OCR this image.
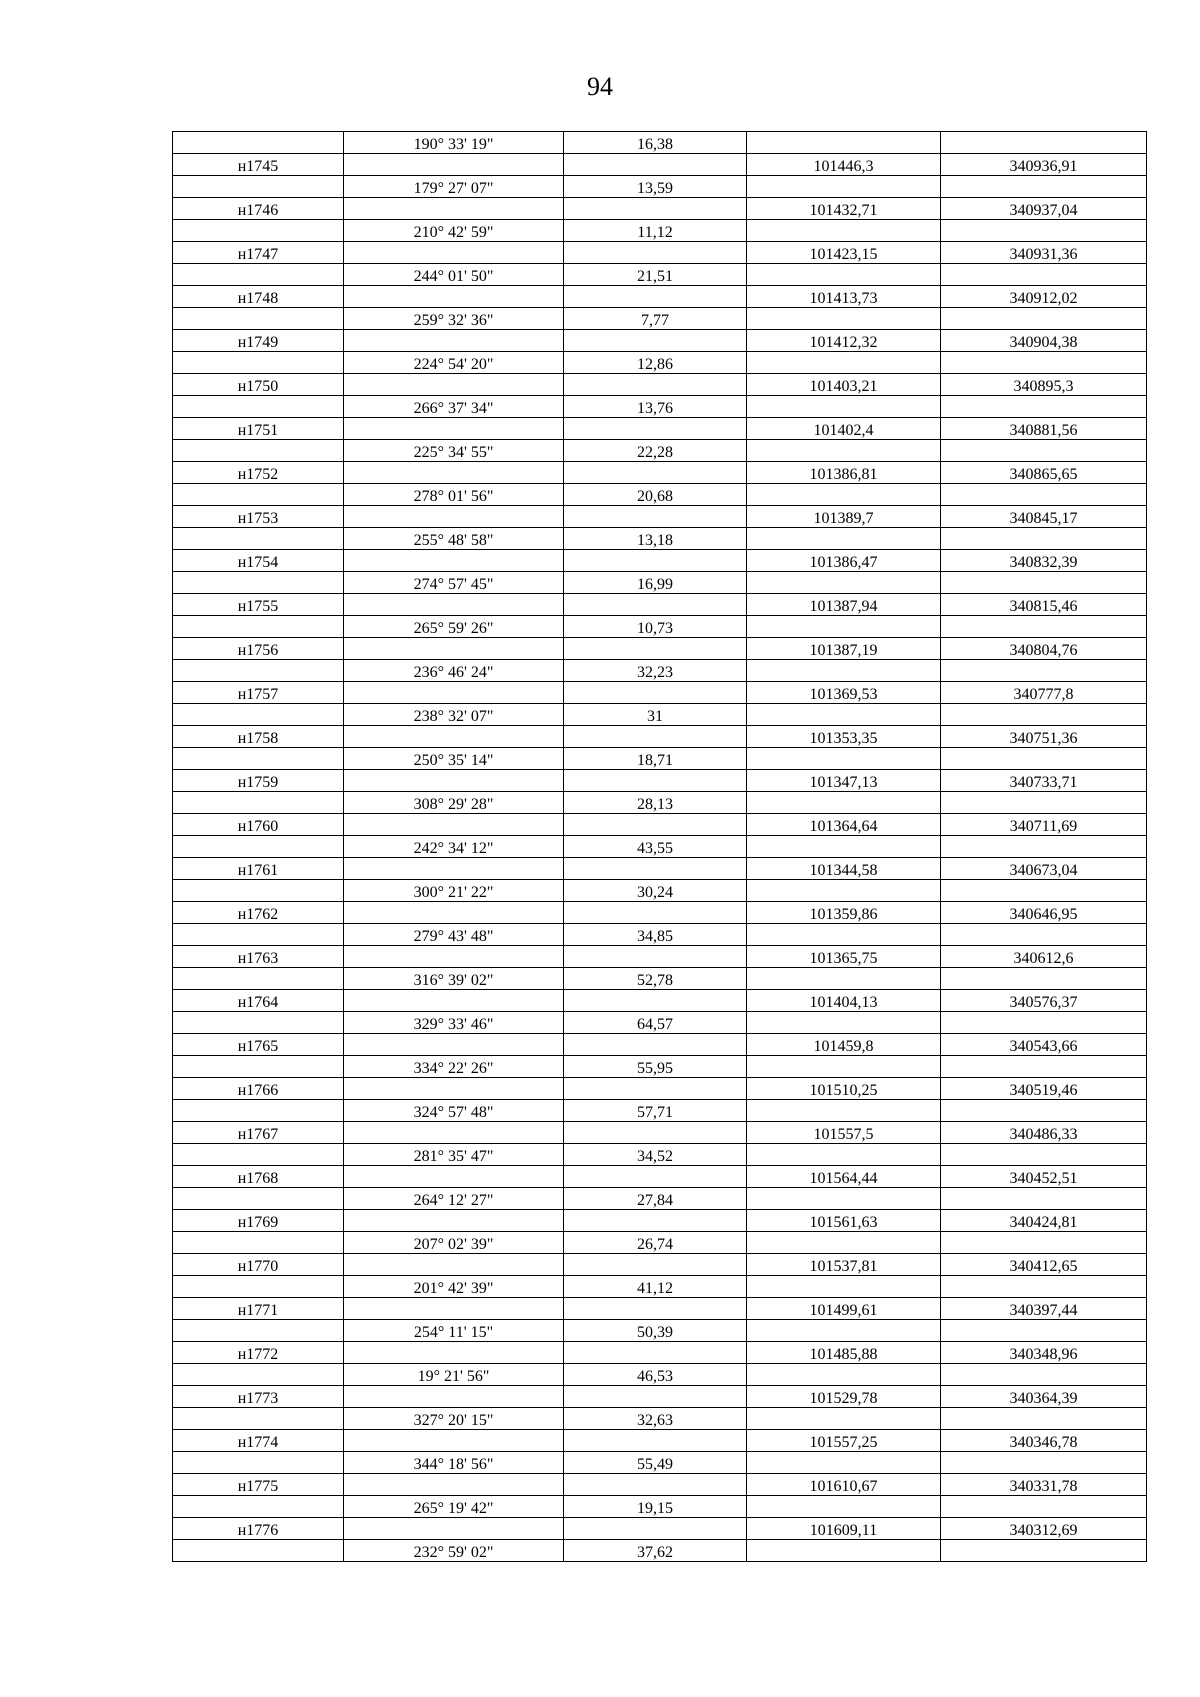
94
	190° 33' 19"	16,38		
н1745			101446,3	340936,91
	179° 27' 07"	13,59		
н1746			101432,71	340937,04
	210° 42' 59"	11,12		
н1747			101423,15	340931,36
	244° 01' 50"	21,51		
н1748			101413,73	340912,02
	259° 32' 36"	7,77		
н1749			101412,32	340904,38
	224° 54' 20"	12,86		
н1750			101403,21	340895,3
	266° 37' 34"	13,76		
н1751			101402,4	340881,56
	225° 34' 55"	22,28		
н1752			101386,81	340865,65
	278° 01' 56"	20,68		
н1753			101389,7	340845,17
	255° 48' 58"	13,18		
н1754			101386,47	340832,39
	274° 57' 45"	16,99		
н1755			101387,94	340815,46
	265° 59' 26"	10,73		
н1756			101387,19	340804,76
	236° 46' 24"	32,23		
н1757			101369,53	340777,8
	238° 32' 07"	31		
н1758			101353,35	340751,36
	250° 35' 14"	18,71		
н1759			101347,13	340733,71
	308° 29' 28"	28,13		
н1760			101364,64	340711,69
	242° 34' 12"	43,55		
н1761			101344,58	340673,04
	300° 21' 22"	30,24		
н1762			101359,86	340646,95
	279° 43' 48"	34,85		
н1763			101365,75	340612,6
	316° 39' 02"	52,78		
н1764			101404,13	340576,37
	329° 33' 46"	64,57		
н1765			101459,8	340543,66
	334° 22' 26"	55,95		
н1766			101510,25	340519,46
	324° 57' 48"	57,71		
н1767			101557,5	340486,33
	281° 35' 47"	34,52		
н1768			101564,44	340452,51
	264° 12' 27"	27,84		
н1769			101561,63	340424,81
	207° 02' 39"	26,74		
н1770			101537,81	340412,65
	201° 42' 39"	41,12		
н1771			101499,61	340397,44
	254° 11' 15"	50,39		
н1772			101485,88	340348,96
	19° 21' 56"	46,53		
н1773			101529,78	340364,39
	327° 20' 15"	32,63		
н1774			101557,25	340346,78
	344° 18' 56"	55,49		
н1775			101610,67	340331,78
	265° 19' 42"	19,15		
н1776			101609,11	340312,69
	232° 59' 02"	37,62		
